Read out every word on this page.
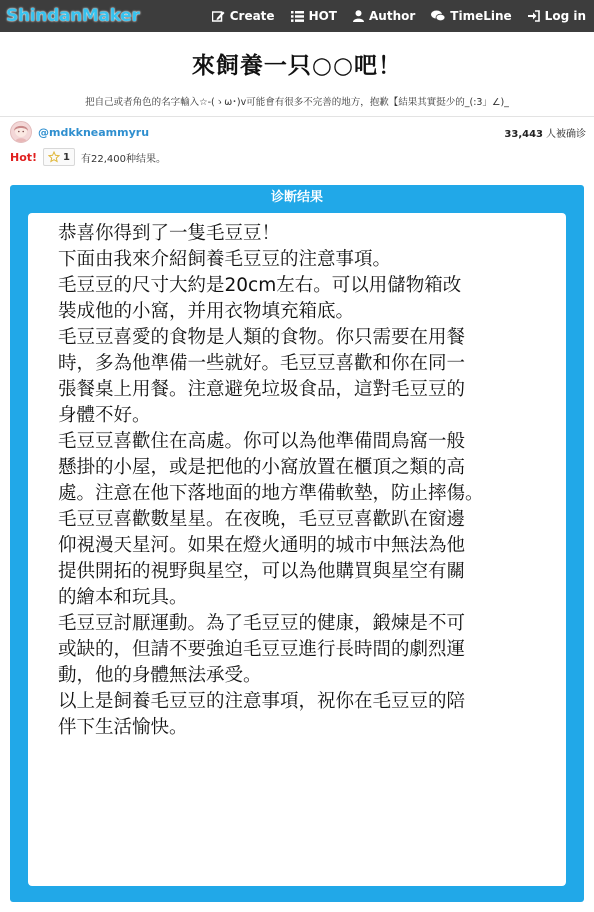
ShindanMaker	Create	HOT	Author	TimeLine	Log in
來飼養一只○○吧！
把自己或者角色的名字輸入☆-(ゝω･)v可能會有很多不完善的地方，抱歉【結果其實挺少的_(:3」∠)_
@mdkkneammyru	33,443 人被确诊
Hot!	1 有22,400种结果。
诊断结果
恭喜你得到了一隻毛豆豆！
下面由我來介紹飼養毛豆豆的注意事項。
毛豆豆的尺寸大約是20cm左右。可以用儲物箱改
裝成他的小窩，并用衣物填充箱底。
毛豆豆喜愛的食物是人類的食物。你只需要在用餐
時，多為他準備一些就好。毛豆豆喜歡和你在同一
張餐桌上用餐。注意避免垃圾食品，這對毛豆豆的
身體不好。
毛豆豆喜歡住在高處。你可以為他準備間鳥窩一般
懸掛的小屋，或是把他的小窩放置在櫃頂之類的高
處。注意在他下落地面的地方準備軟墊，防止摔傷。
毛豆豆喜歡數星星。在夜晚，毛豆豆喜歡趴在窗邊
仰視漫天星河。如果在燈火通明的城市中無法為他
提供開拓的視野與星空，可以為他購買與星空有關
的繪本和玩具。
毛豆豆討厭運動。為了毛豆豆的健康，鍛煉是不可
或缺的，但請不要強迫毛豆豆進行長時間的劇烈運
動，他的身體無法承受。
以上是飼養毛豆豆的注意事項，祝你在毛豆豆的陪
伴下生活愉快。
